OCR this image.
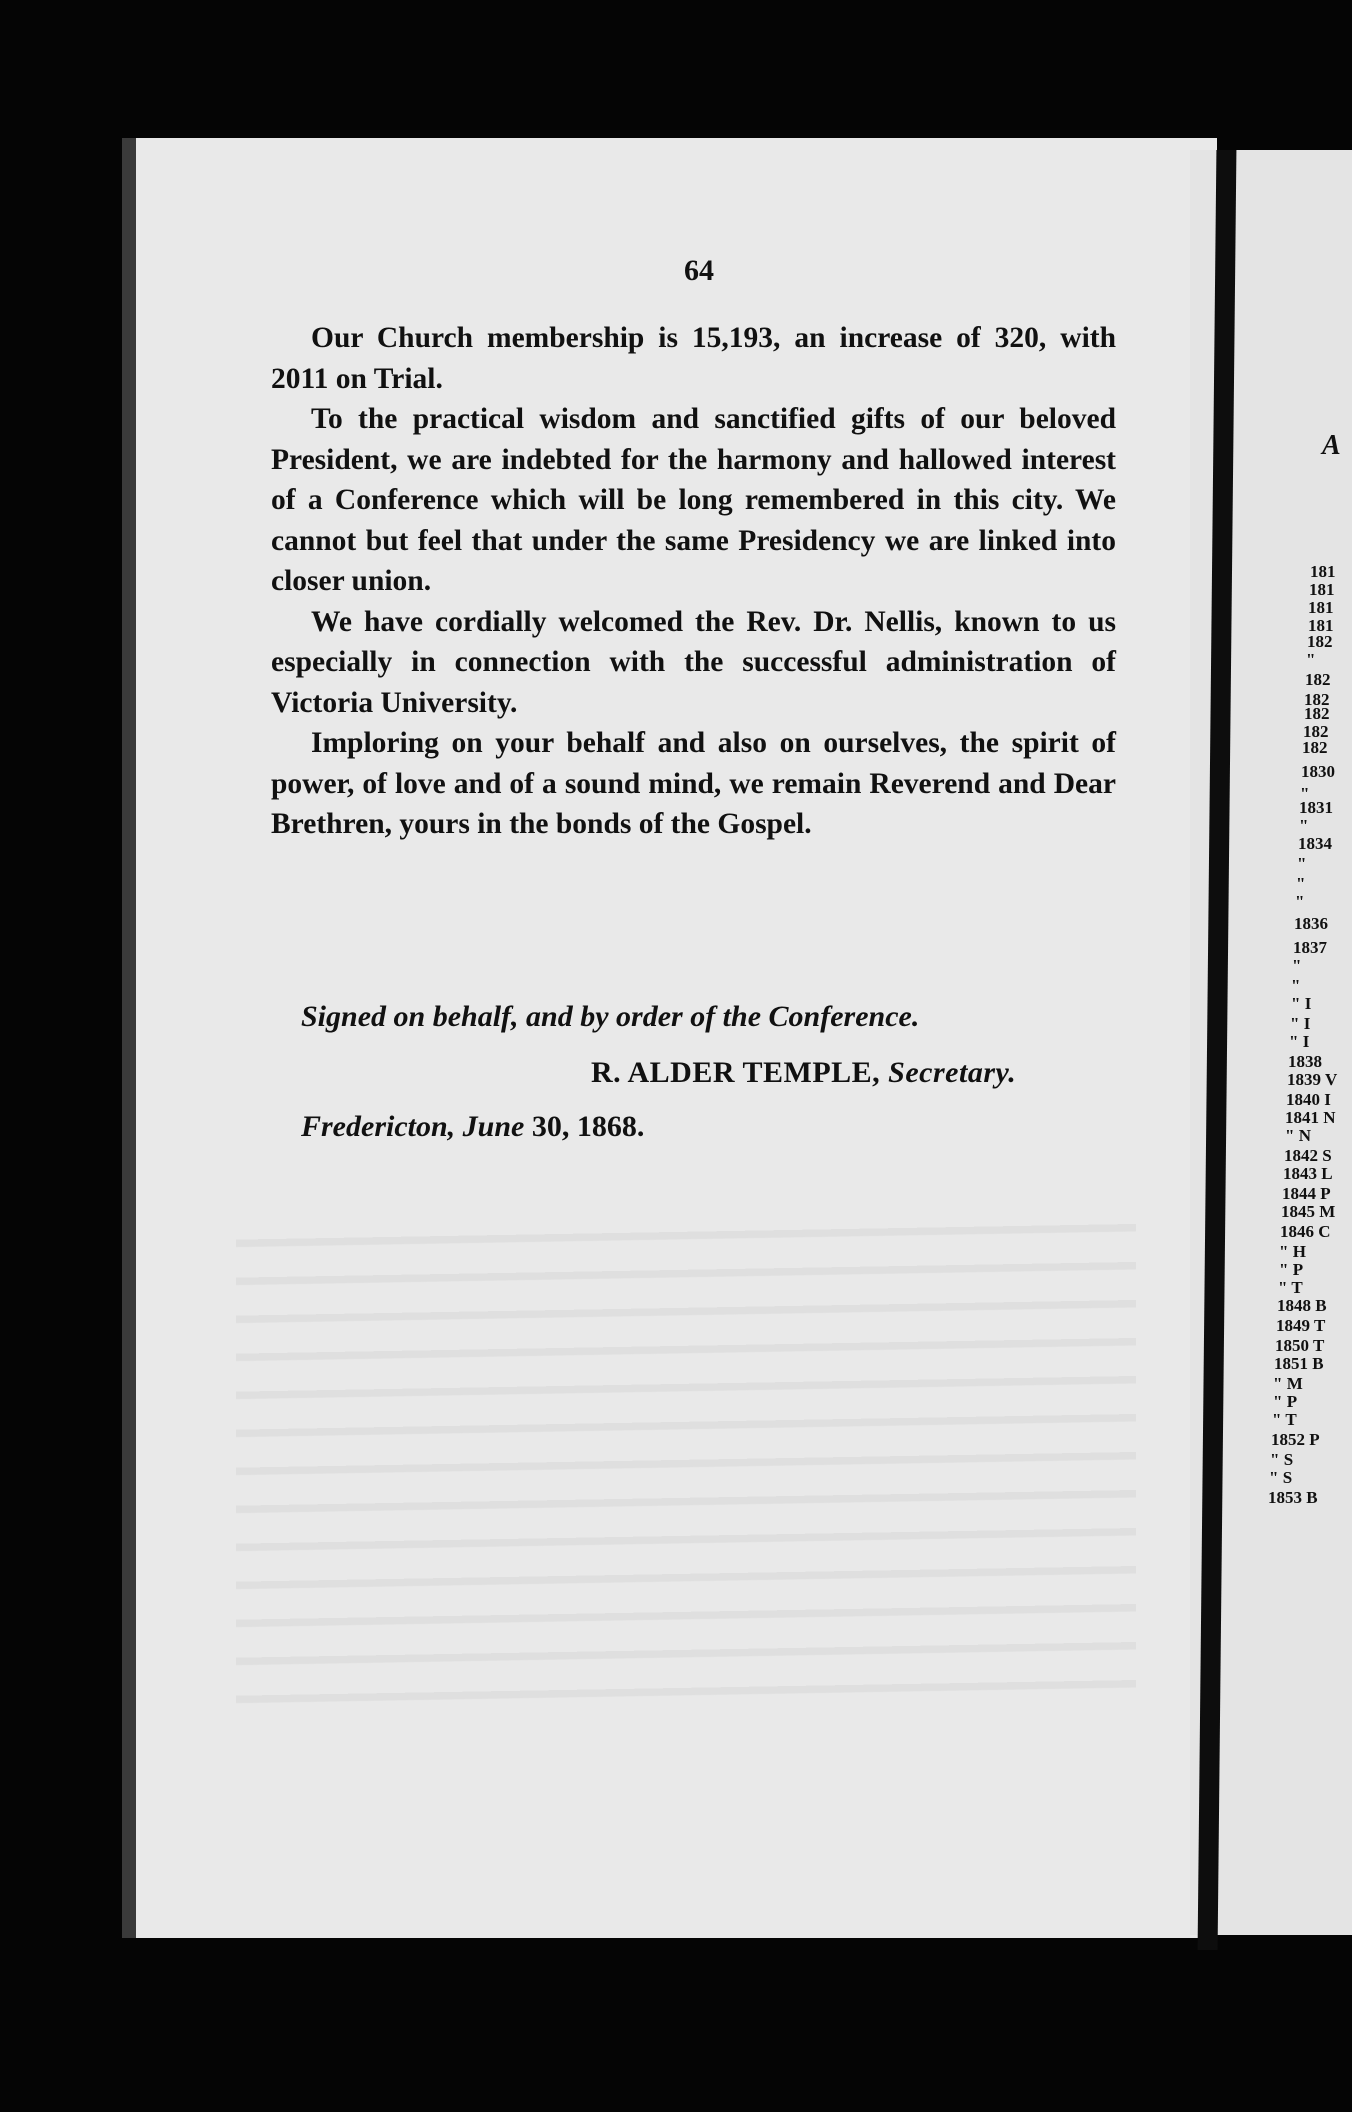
64

Our Church membership is 15,193, an increase of 320, with 2011 on Trial.

To the practical wisdom and sanctified gifts of our beloved President, we are indebted for the harmony and hallowed interest of a Conference which will be long remembered in this city. We cannot but feel that under the same Presidency we are linked into closer union.

We have cordially welcomed the Rev. Dr. Nellis, known to us especially in connection with the successful administration of Victoria University.

Imploring on your behalf and also on ourselves, the spirit of power, of love and of a sound mind, we remain Reverend and Dear Brethren, yours in the bonds of the Gospel.

Signed on behalf, and by order of the Conference.

R. ALDER TEMPLE, Secretary.

Fredericton, June 30, 1868.

A

181
181
181
181
182
"
182
182
182
182
182
1830
"
1831
"
1834
"
"
"
1836
1837
"
"
" I
" I
" I
1838
1839 V
1840 I
1841 N
" N
1842 S
1843 L
1844 P
1845 M
1846 C
" H
" P
" T
1848 B
1849 T
1850 T
1851 B
" M
" P
" T
1852 P
" S
" S
1853 B
